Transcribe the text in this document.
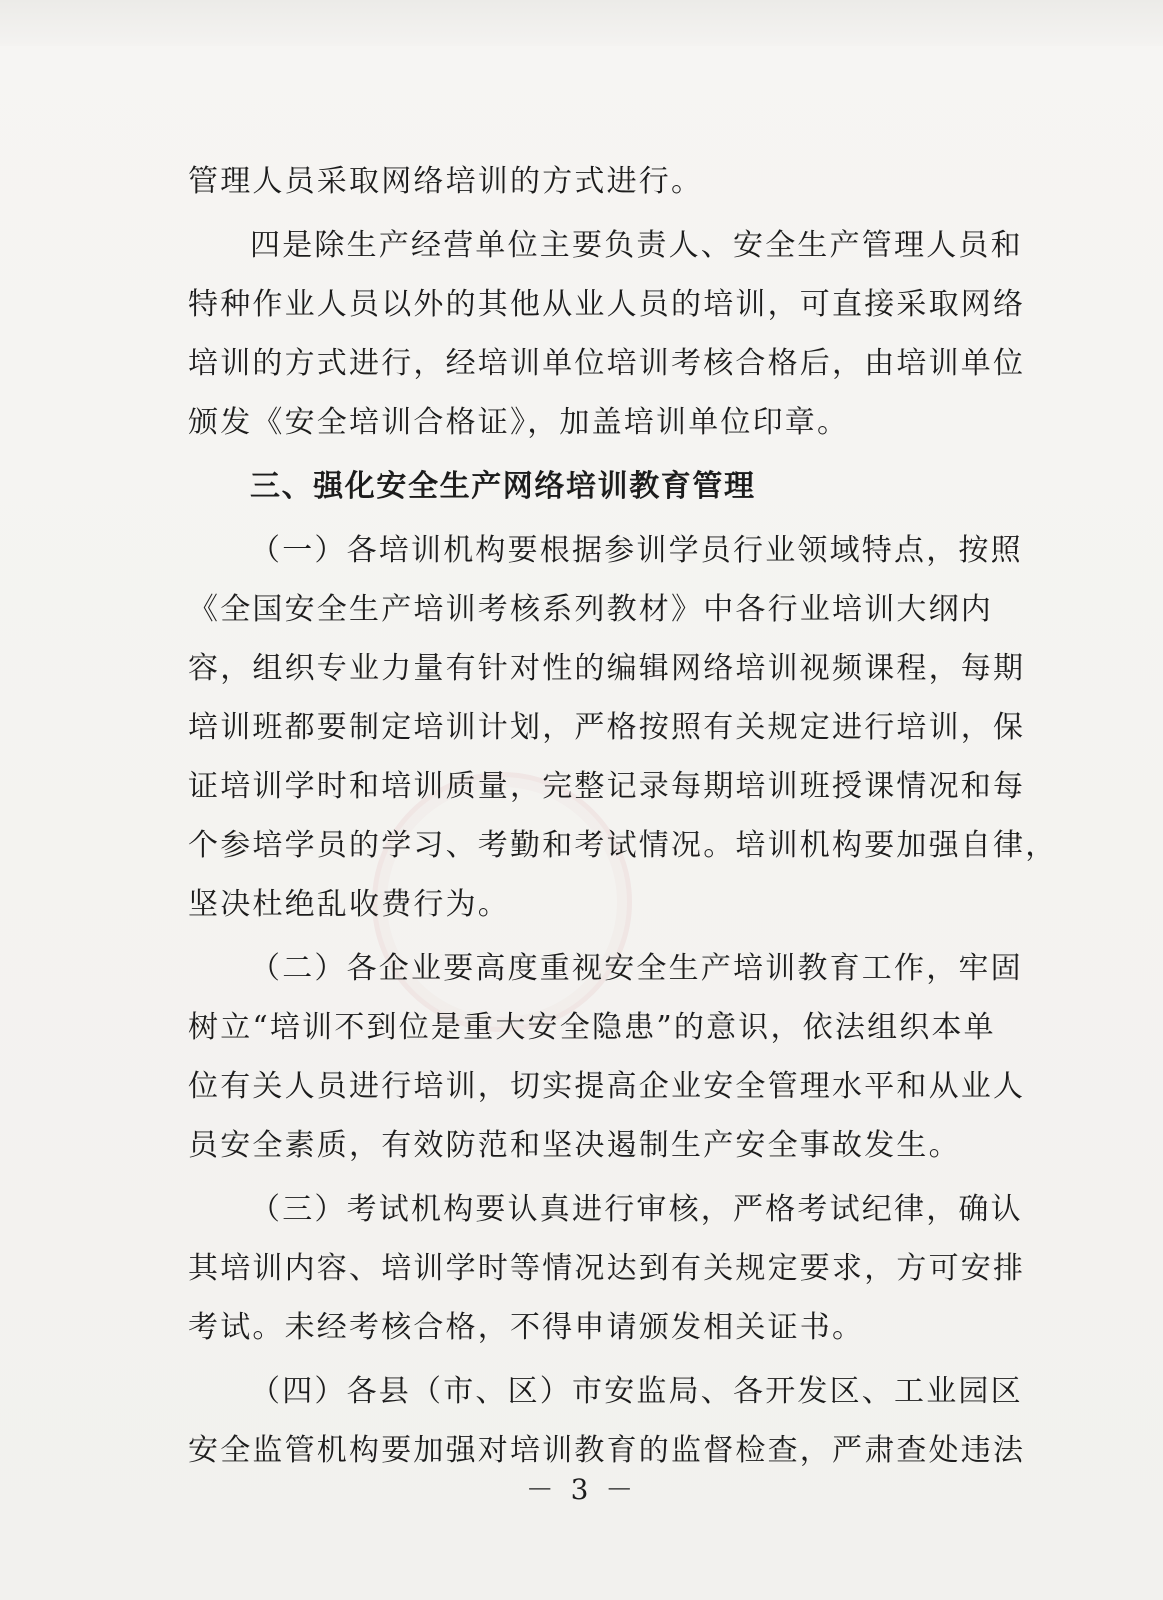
管理人员采取网络培训的方式进行。
四是除生产经营单位主要负责人、安全生产管理人员和
特种作业人员以外的其他从业人员的培训，可直接采取网络
培训的方式进行，经培训单位培训考核合格后，由培训单位
颁发《安全培训合格证》，加盖培训单位印章。
三、强化安全生产网络培训教育管理
（一）各培训机构要根据参训学员行业领域特点，按照
《全国安全生产培训考核系列教材》中各行业培训大纲内
容，组织专业力量有针对性的编辑网络培训视频课程，每期
培训班都要制定培训计划，严格按照有关规定进行培训，保
证培训学时和培训质量，完整记录每期培训班授课情况和每
个参培学员的学习、考勤和考试情况。培训机构要加强自律，
坚决杜绝乱收费行为。
（二）各企业要高度重视安全生产培训教育工作，牢固
树立“培训不到位是重大安全隐患”的意识，依法组织本单
位有关人员进行培训，切实提高企业安全管理水平和从业人
员安全素质，有效防范和坚决遏制生产安全事故发生。
（三）考试机构要认真进行审核，严格考试纪律，确认
其培训内容、培训学时等情况达到有关规定要求，方可安排
考试。未经考核合格，不得申请颁发相关证书。
（四）各县（市、区）市安监局、各开发区、工业园区
安全监管机构要加强对培训教育的监督检查，严肃查处违法
－ 3 －
